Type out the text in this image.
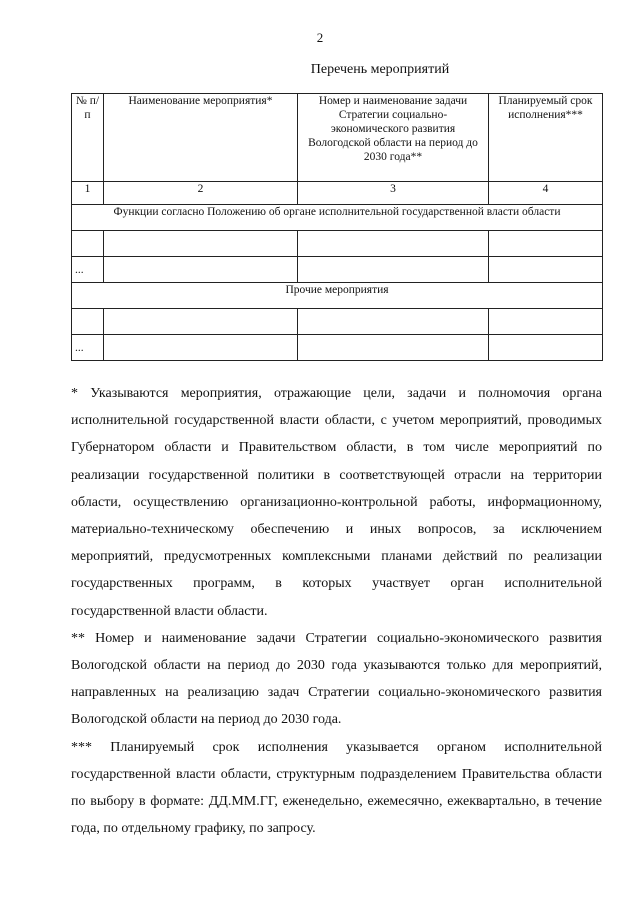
2
Перечень мероприятий
№ п/п	Наименование мероприятия*	Номер и наименование задачи Стратегии социально-экономического развития Вологодской области на период до 2030 года**	Планируемый срок исполнения***
1	2	3	4
Функции согласно Положению об органе исполнительной государственной власти области			

...			
Прочие мероприятия			

...			

* Указываются мероприятия, отражающие цели, задачи и полномочия органа исполнительной государственной власти области, с учетом мероприятий, проводимых Губернатором области и Правительством области, в том числе мероприятий по реализации государственной политики в соответствующей отрасли на территории области, осуществлению организационно-контрольной работы, информационному, материально-техническому обеспечению и иных вопросов, за исключением мероприятий, предусмотренных комплексными планами действий по реализации государственных программ, в которых участвует орган исполнительной государственной власти области.

** Номер и наименование задачи Стратегии социально-экономического развития Вологодской области на период до 2030 года указываются только для мероприятий, направленных на реализацию задач Стратегии социально-экономического развития Вологодской области на период до 2030 года.

*** Планируемый срок исполнения указывается органом исполнительной государственной власти области, структурным подразделением Правительства области по выбору в формате: ДД.ММ.ГГ, еженедельно, ежемесячно, ежеквартально, в течение года, по отдельному графику, по запросу.
